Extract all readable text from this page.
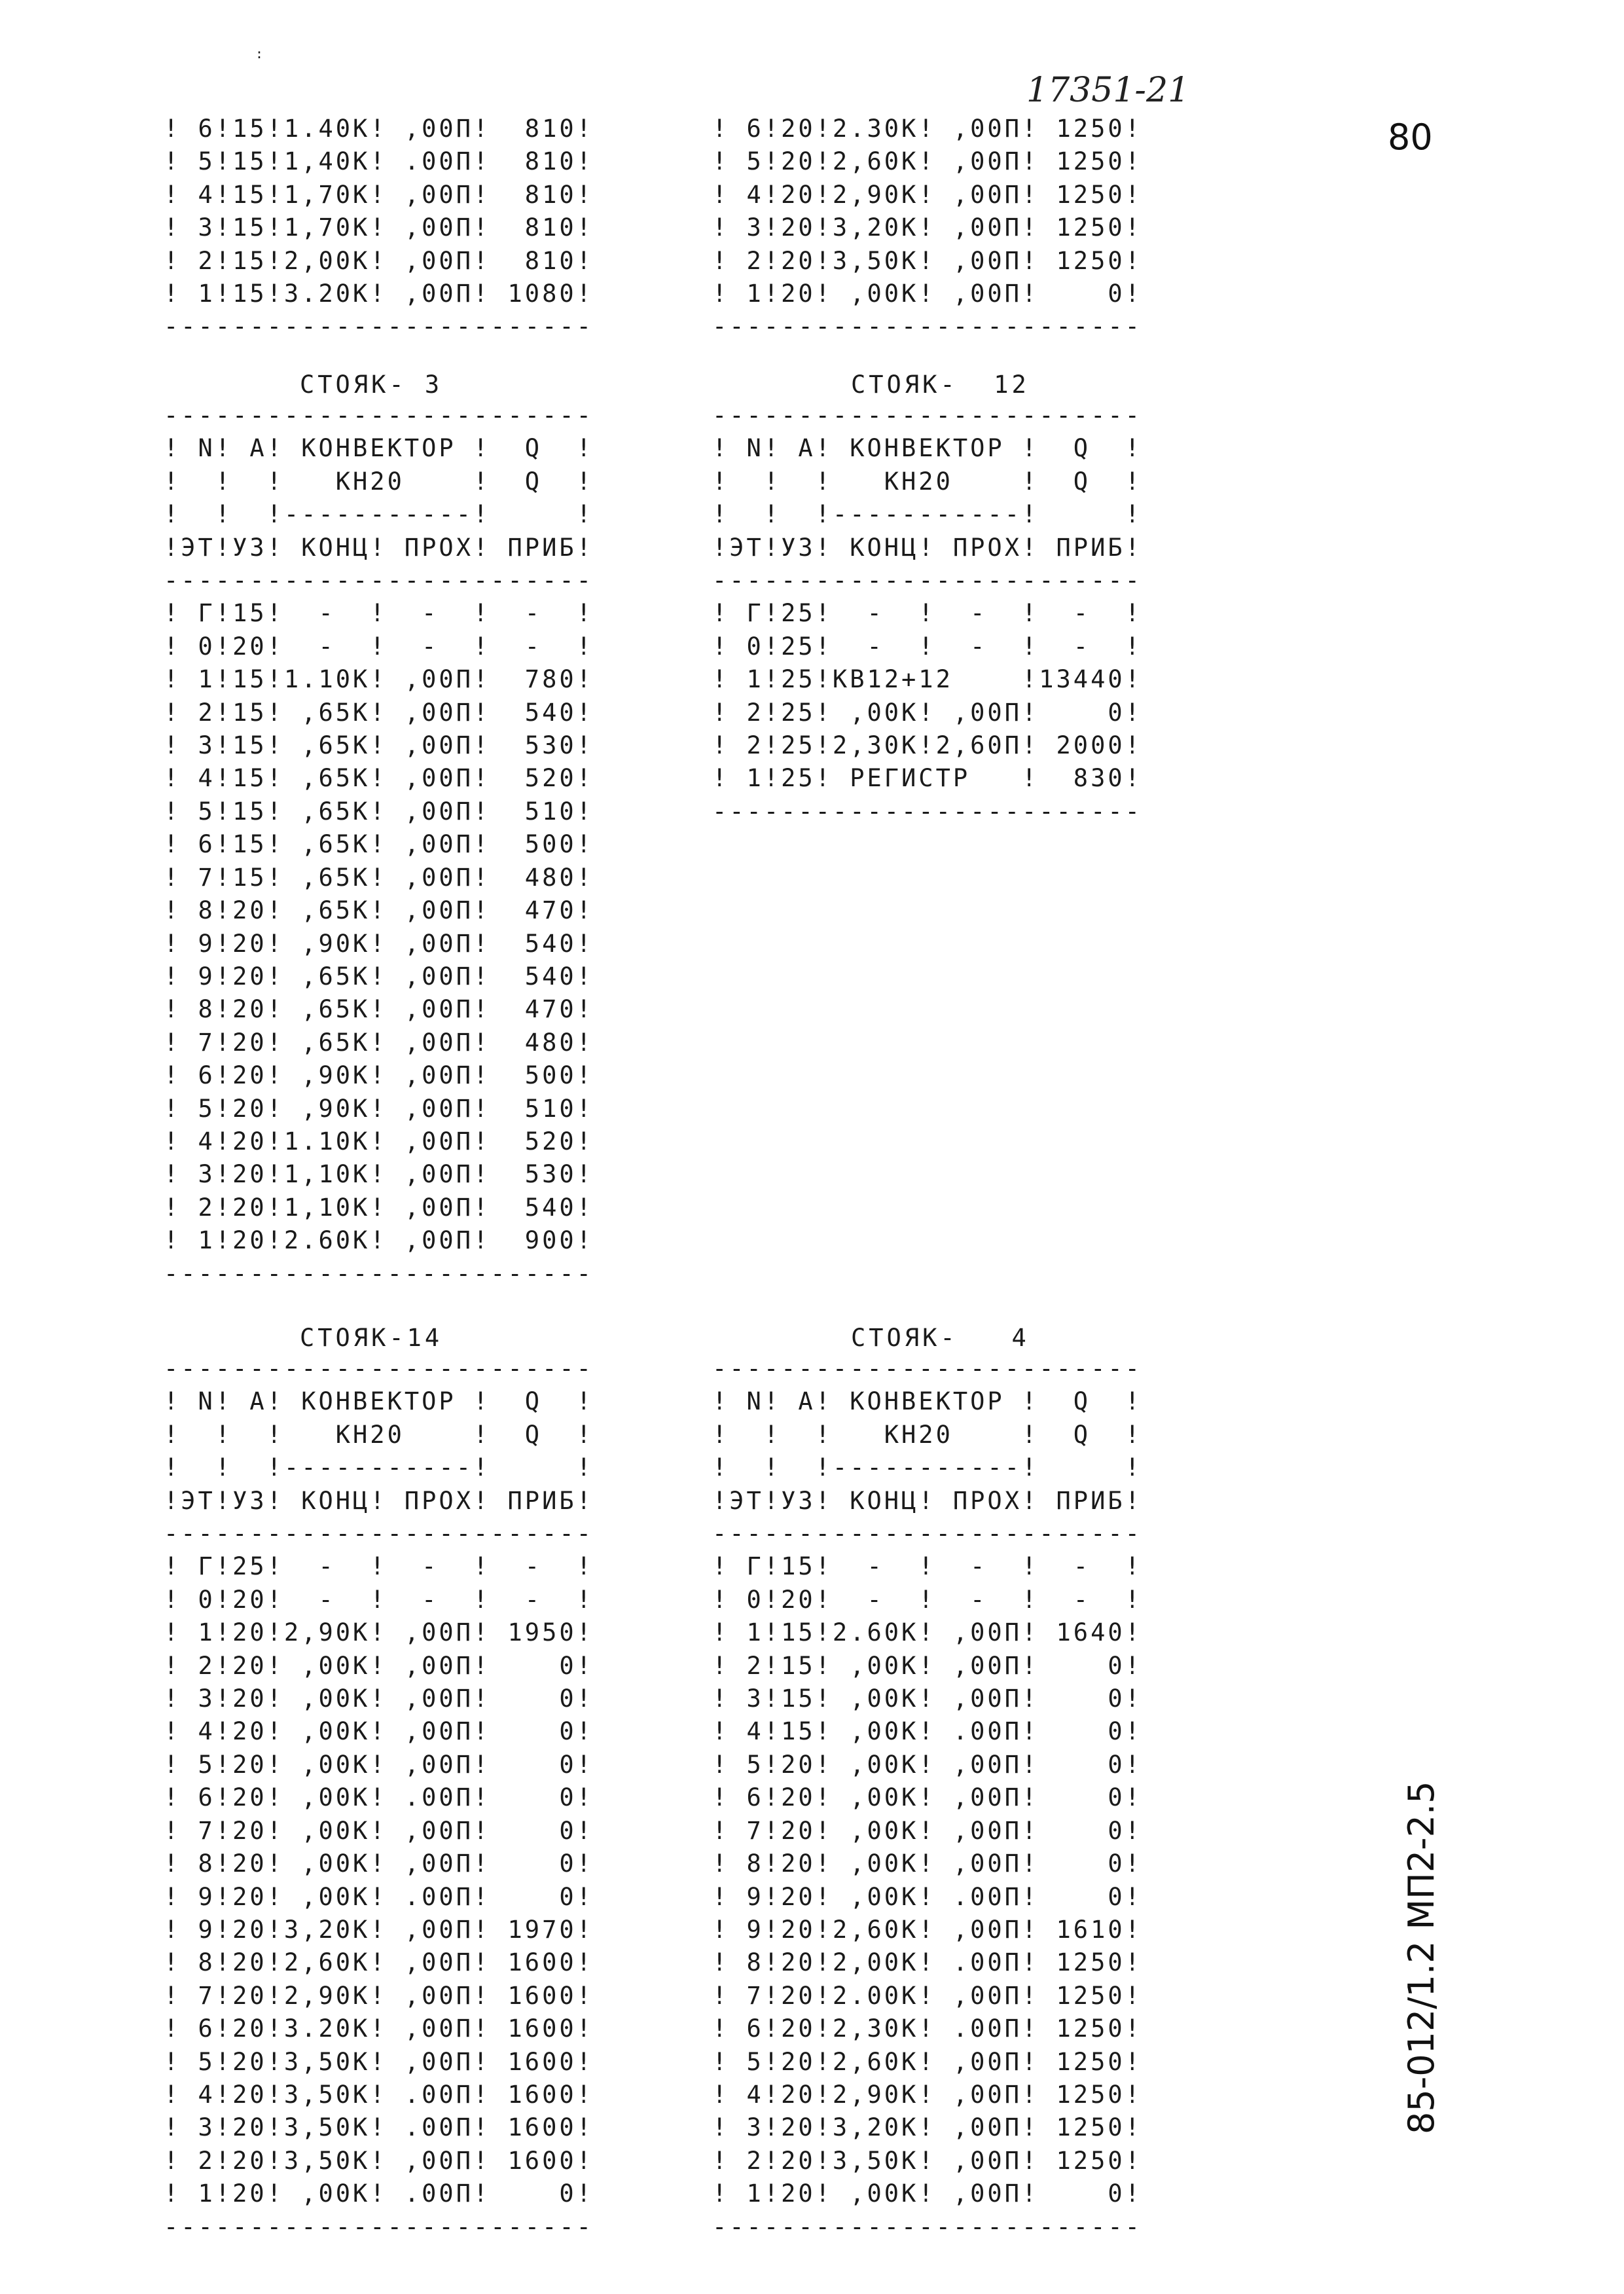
:
17351-21
80
85-012/1.2 МП2-2.5
! 6!15!1.40K! ,00П!  810!
! 5!15!1,40K! .00П!  810!
! 4!15!1,70K! ,00П!  810!
! 3!15!1,70K! ,00П!  810!
! 2!15!2,00K! ,00П!  810!
! 1!15!3.20K! ,00П! 1080!
-------------------------
! 6!20!2.30K! ,00П! 1250!
! 5!20!2,60K! ,00П! 1250!
! 4!20!2,90K! ,00П! 1250!
! 3!20!3,20K! ,00П! 1250!
! 2!20!3,50K! ,00П! 1250!
! 1!20! ,00K! ,00П!    0!
-------------------------
СТОЯК- 3
-------------------------
! N! A! КОНВЕКТОР !  Q  !
!  !  !   КН20    !  Q  !
!  !  !-----------!     !
!ЭТ!УЗ! КОНЦ! ПРОХ! ПРИБ!
-------------------------
! Г!15!  -  !  -  !  -  !
! 0!20!  -  !  -  !  -  !
! 1!15!1.10K! ,00П!  780!
! 2!15! ,65K! ,00П!  540!
! 3!15! ,65K! ,00П!  530!
! 4!15! ,65K! ,00П!  520!
! 5!15! ,65K! ,00П!  510!
! 6!15! ,65K! ,00П!  500!
! 7!15! ,65K! ,00П!  480!
! 8!20! ,65K! ,00П!  470!
! 9!20! ,90K! ,00П!  540!
! 9!20! ,65K! ,00П!  540!
! 8!20! ,65K! ,00П!  470!
! 7!20! ,65K! ,00П!  480!
! 6!20! ,90K! ,00П!  500!
! 5!20! ,90K! ,00П!  510!
! 4!20!1.10K! ,00П!  520!
! 3!20!1,10K! ,00П!  530!
! 2!20!1,10K! ,00П!  540!
! 1!20!2.60K! ,00П!  900!
-------------------------
СТОЯК-  12
-------------------------
! N! A! КОНВЕКТОР !  Q  !
!  !  !   КН20    !  Q  !
!  !  !-----------!     !
!ЭТ!УЗ! КОНЦ! ПРОХ! ПРИБ!
-------------------------
! Г!25!  -  !  -  !  -  !
! 0!25!  -  !  -  !  -  !
! 1!25!КВ12+12    !13440!
! 2!25! ,00K! ,00П!    0!
! 2!25!2,30K!2,60П! 2000!
! 1!25! РЕГИСТР   !  830!
-------------------------
СТОЯК-14
-------------------------
! N! A! КОНВЕКТОР !  Q  !
!  !  !   КН20    !  Q  !
!  !  !-----------!     !
!ЭТ!УЗ! КОНЦ! ПРОХ! ПРИБ!
-------------------------
! Г!25!  -  !  -  !  -  !
! 0!20!  -  !  -  !  -  !
! 1!20!2,90K! ,00П! 1950!
! 2!20! ,00K! ,00П!    0!
! 3!20! ,00K! ,00П!    0!
! 4!20! ,00K! ,00П!    0!
! 5!20! ,00K! ,00П!    0!
! 6!20! ,00K! .00П!    0!
! 7!20! ,00K! ,00П!    0!
! 8!20! ,00K! ,00П!    0!
! 9!20! ,00K! .00П!    0!
! 9!20!3,20K! ,00П! 1970!
! 8!20!2,60K! ,00П! 1600!
! 7!20!2,90K! ,00П! 1600!
! 6!20!3.20K! ,00П! 1600!
! 5!20!3,50K! ,00П! 1600!
! 4!20!3,50K! .00П! 1600!
! 3!20!3,50K! .00П! 1600!
! 2!20!3,50K! ,00П! 1600!
! 1!20! ,00K! .00П!    0!
-------------------------
СТОЯК-   4
-------------------------
! N! A! КОНВЕКТОР !  Q  !
!  !  !   КН20    !  Q  !
!  !  !-----------!     !
!ЭТ!УЗ! КОНЦ! ПРОХ! ПРИБ!
-------------------------
! Г!15!  -  !  -  !  -  !
! 0!20!  -  !  -  !  -  !
! 1!15!2.60K! ,00П! 1640!
! 2!15! ,00K! ,00П!    0!
! 3!15! ,00K! ,00П!    0!
! 4!15! ,00K! .00П!    0!
! 5!20! ,00K! ,00П!    0!
! 6!20! ,00K! ,00П!    0!
! 7!20! ,00K! ,00П!    0!
! 8!20! ,00K! ,00П!    0!
! 9!20! ,00K! .00П!    0!
! 9!20!2,60K! ,00П! 1610!
! 8!20!2,00K! .00П! 1250!
! 7!20!2.00K! ,00П! 1250!
! 6!20!2,30K! .00П! 1250!
! 5!20!2,60K! ,00П! 1250!
! 4!20!2,90K! ,00П! 1250!
! 3!20!3,20K! ,00П! 1250!
! 2!20!3,50K! ,00П! 1250!
! 1!20! ,00K! ,00П!    0!
-------------------------
